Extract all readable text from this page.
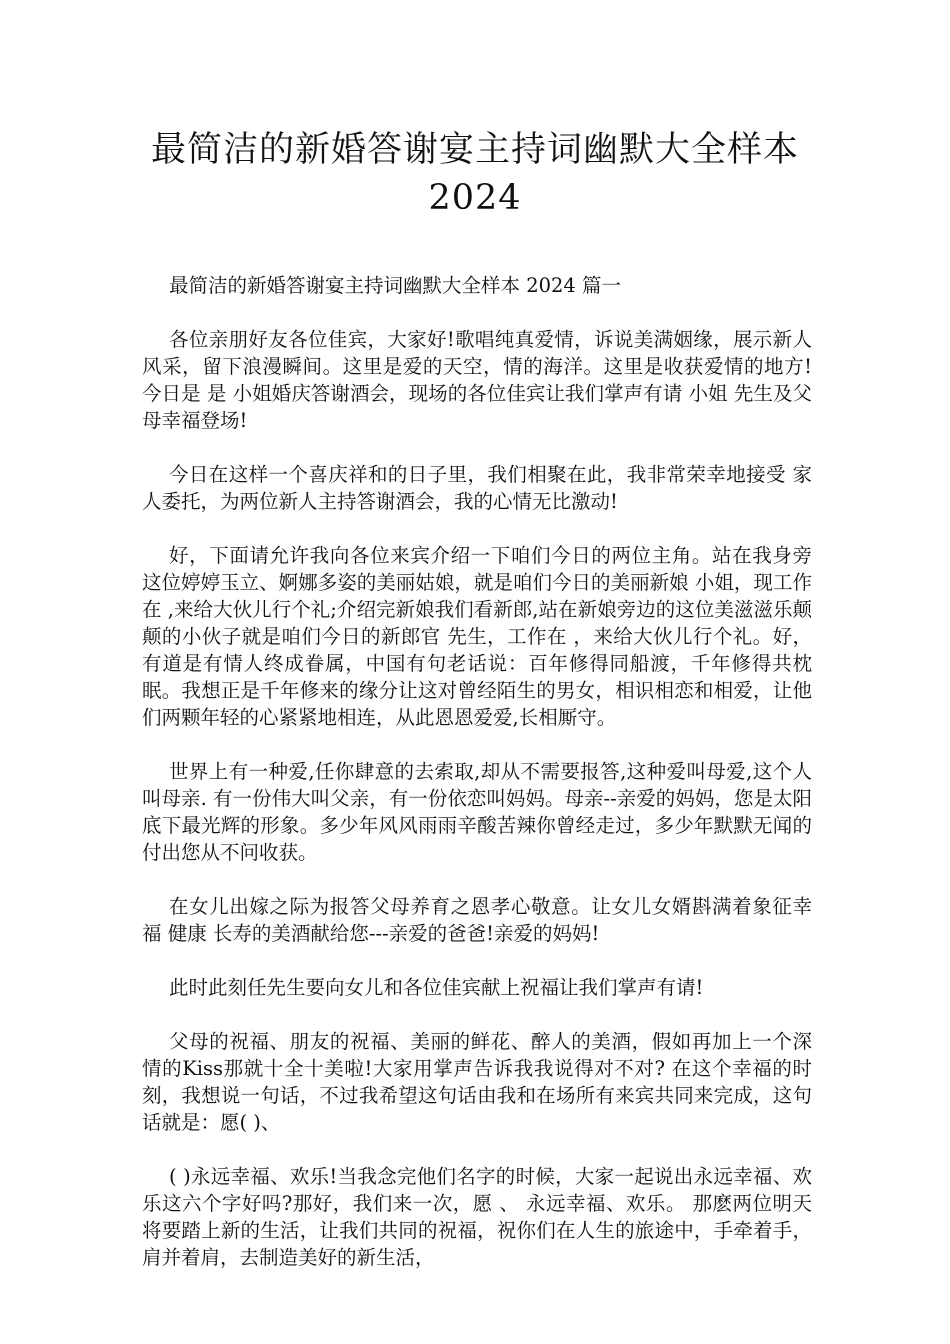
最简洁的新婚答谢宴主持词幽默大全样本
2024

最简洁的新婚答谢宴主持词幽默大全样本 2024 篇一

各位亲朋好友各位佳宾，大家好!歌唱纯真爱情，诉说美满姻缘，展示新人风采，留下浪漫瞬间。这里是爱的天空，情的海洋。这里是收获爱情的地方!今日是 是 小姐婚庆答谢酒会，现场的各位佳宾让我们掌声有请 小姐 先生及父母幸福登场!

今日在这样一个喜庆祥和的日子里，我们相聚在此，我非常荣幸地接受 家人委托，为两位新人主持答谢酒会，我的心情无比激动!

好，下面请允许我向各位来宾介绍一下咱们今日的两位主角。站在我身旁这位婷婷玉立、婀娜多姿的美丽姑娘，就是咱们今日的美丽新娘 小姐，现工作在 ,来给大伙儿行个礼;介绍完新娘我们看新郎,站在新娘旁边的这位美滋滋乐颠颠的小伙子就是咱们今日的新郎官 先生，工作在 ，来给大伙儿行个礼。好，有道是有情人终成眷属，中国有句老话说：百年修得同船渡，千年修得共枕眠。我想正是千年修来的缘分让这对曾经陌生的男女，相识相恋和相爱，让他们两颗年轻的心紧紧地相连，从此恩恩爱爱,长相厮守。

世界上有一种爱,任你肆意的去索取,却从不需要报答,这种爱叫母爱,这个人叫母亲. 有一份伟大叫父亲，有一份依恋叫妈妈。母亲--亲爱的妈妈，您是太阳底下最光辉的形象。多少年风风雨雨辛酸苦辣你曾经走过，多少年默默无闻的付出您从不问收获。

在女儿出嫁之际为报答父母养育之恩孝心敬意。让女儿女婿斟满着象征幸福 健康 长寿的美酒献给您---亲爱的爸爸!亲爱的妈妈!

此时此刻任先生要向女儿和各位佳宾献上祝福让我们掌声有请!

父母的祝福、朋友的祝福、美丽的鲜花、醉人的美酒，假如再加上一个深情的Kiss那就十全十美啦!大家用掌声告诉我我说得对不对? 在这个幸福的时刻，我想说一句话，不过我希望这句话由我和在场所有来宾共同来完成，这句话就是：愿( )、

( )永远幸福、欢乐!当我念完他们名字的时候，大家一起说出永远幸福、欢乐这六个字好吗?那好，我们来一次，愿 、 永远幸福、欢乐。 那麽两位明天将要踏上新的生活，让我们共同的祝福，祝你们在人生的旅途中，手牵着手，肩并着肩，去制造美好的新生活，
